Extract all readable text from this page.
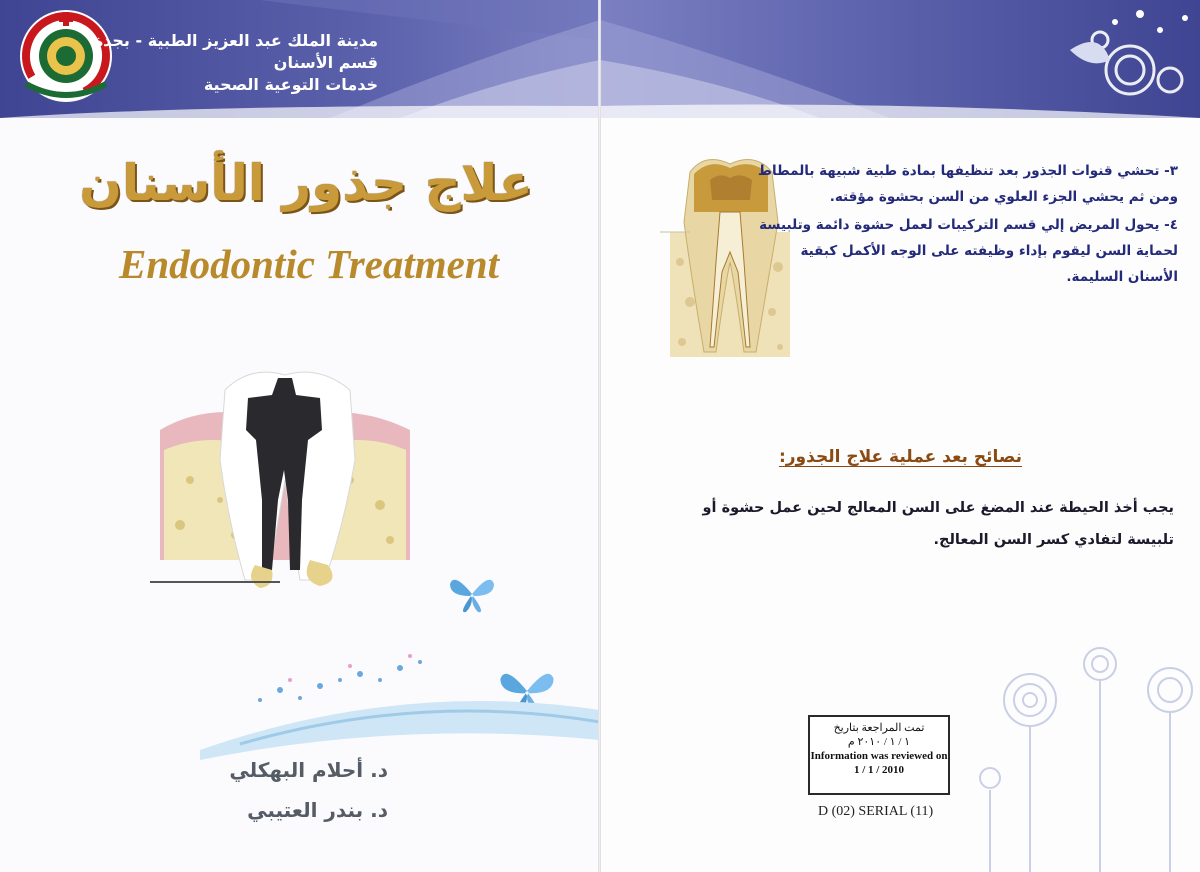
مدينة الملك عبد العزيز الطبية - بجدة
قسم الأسنان
خدمات التوعية الصحية
علاج جذور الأسنان
Endodontic Treatment
د. أحلام البهكلي
د. بندر العتيبي

٣- تحشي قنوات الجذور بعد تنظيفها بمادة طبية شبيهة بالمطاط ومن ثم يحشي الجزء العلوي من السن بحشوة مؤقته.

٤- يحول المريض إلي قسم التركيبات لعمل حشوة دائمة وتلبيسة لحماية السن ليقوم بإداء وظيفته على الوجه الأكمل كبقية الأسنان السليمة.

نصائح بعد عملية علاج الجذور:
يجب أخذ الحيطة عند المضغ على السن المعالج لحين عمل حشوة أو تلبيسة لتفادي كسر السن المعالج.
تمت المراجعة بتاريخ
١ / ١ / ٢٠١٠ م
Information was reviewed on
1 / 1 / 2010
D (02) SERIAL (11)
